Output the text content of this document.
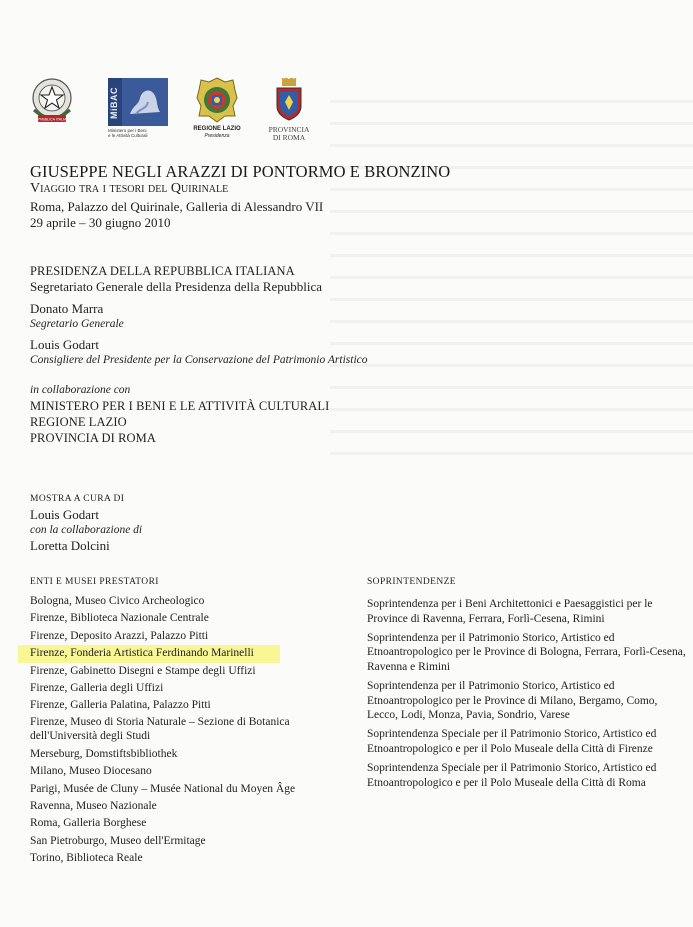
REPVBBLICA ITALIANA
MiBAC
Ministero per i Beni
e le Attività Culturali
REGIONE LAZIO
Presidenza
PROVINCIA
DI ROMA
GIUSEPPE NEGLI ARAZZI DI PONTORMO E BRONZINO
Viaggio tra i tesori del Quirinale
Roma, Palazzo del Quirinale, Galleria di Alessandro VII
29 aprile – 30 giugno 2010
PRESIDENZA DELLA REPUBBLICA ITALIANA
Segretariato Generale della Presidenza della Repubblica
Donato Marra
Segretario Generale
Louis Godart
Consigliere del Presidente per la Conservazione del Patrimonio Artistico
in collaborazione con
MINISTERO PER I BENI E LE ATTIVITÀ CULTURALI
REGIONE LAZIO
PROVINCIA DI ROMA
MOSTRA A CURA DI
Louis Godart
con la collaborazione di
Loretta Dolcini
ENTI E MUSEI PRESTATORI
Bologna, Museo Civico Archeologico
Firenze, Biblioteca Nazionale Centrale
Firenze, Deposito Arazzi, Palazzo Pitti
Firenze, Fonderia Artistica Ferdinando Marinelli
Firenze, Gabinetto Disegni e Stampe degli Uffizi
Firenze, Galleria degli Uffizi
Firenze, Galleria Palatina, Palazzo Pitti
Firenze, Museo di Storia Naturale – Sezione di Botanica
dell'Università degli Studi
Merseburg, Domstiftsbibliothek
Milano, Museo Diocesano
Parigi, Musée de Cluny – Musée National du Moyen Âge
Ravenna, Museo Nazionale
Roma, Galleria Borghese
San Pietroburgo, Museo dell'Ermitage
Torino, Biblioteca Reale
SOPRINTENDENZE
Soprintendenza per i Beni Architettonici e Paesaggistici per le Province di Ravenna, Ferrara, Forlì-Cesena, Rimini
Soprintendenza per il Patrimonio Storico, Artistico ed Etnoantropologico per le Province di Bologna, Ferrara, Forlì-Cesena, Ravenna e Rimini
Soprintendenza per il Patrimonio Storico, Artistico ed Etnoantropologico per le Province di Milano, Bergamo, Como, Lecco, Lodi, Monza, Pavia, Sondrio, Varese
Soprintendenza Speciale per il Patrimonio Storico, Artistico ed Etnoantropologico e per il Polo Museale della Città di Firenze
Soprintendenza Speciale per il Patrimonio Storico, Artistico ed Etnoantropologico e per il Polo Museale della Città di Roma
